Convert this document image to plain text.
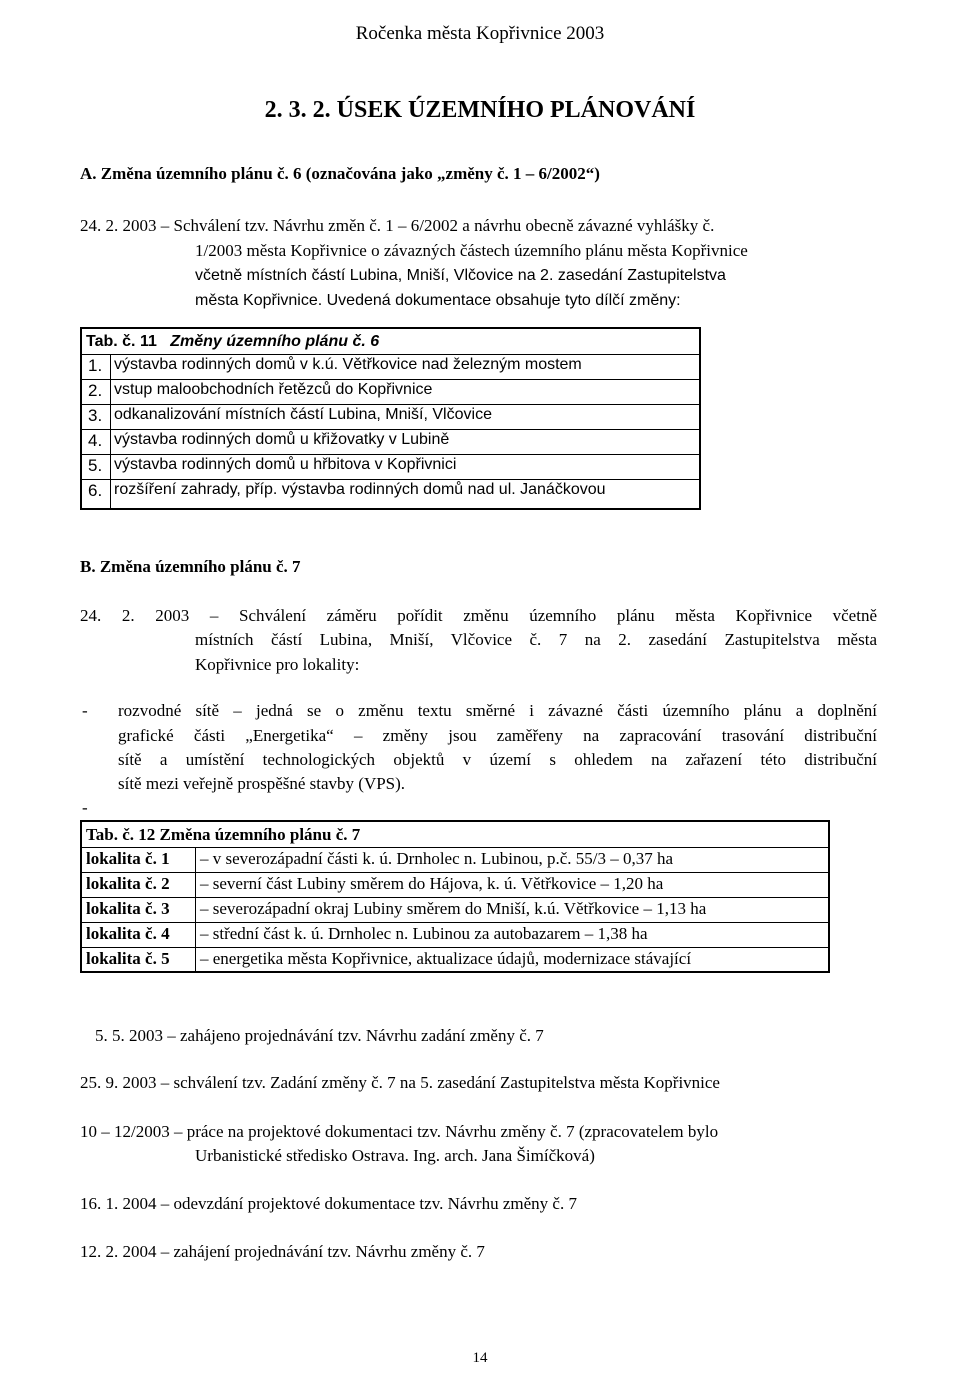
Ročenka města Kopřivnice 2003
2. 3. 2. ÚSEK ÚZEMNÍHO PLÁNOVÁNÍ
A. Změna územního plánu č. 6 (označována jako „změny č. 1 – 6/2002“)
24. 2. 2003 – Schválení tzv. Návrhu změn č. 1 – 6/2002 a návrhu obecně závazné vyhlášky č.
1/2003 města Kopřivnice o závazných částech územního plánu města Kopřivnice
včetně místních částí Lubina, Mniší, Vlčovice na 2. zasedání Zastupitelstva
města Kopřivnice. Uvedená dokumentace obsahuje tyto dílčí změny:
Tab. č. 11 Změny územního plánu č. 6
1. výstavba rodinných domů v k.ú. Větřkovice nad železným mostem
2. vstup maloobchodních řetězců do Kopřivnice
3. odkanalizování místních částí Lubina, Mniší, Vlčovice
4. výstavba rodinných domů u křižovatky v Lubině
5. výstavba rodinných domů u hřbitova v Kopřivnici
6. rozšíření zahrady, příp. výstavba rodinných domů nad ul. Janáčkovou
B. Změna územního plánu č. 7
24. 2. 2003 – Schválení záměru pořídit změnu územního plánu města Kopřivnice včetně
místních částí Lubina, Mniší, Vlčovice č. 7 na 2. zasedání Zastupitelstva města
Kopřivnice pro lokality:
- rozvodné sítě – jedná se o změnu textu směrné i závazné části územního plánu a doplnění
grafické části „Energetika“ – změny jsou zaměřeny na zapracování trasování distribuční
sítě a umístění technologických objektů v území s ohledem na zařazení této distribuční
sítě mezi veřejně prospěšné stavby (VPS).
-
Tab. č. 12 Změna územního plánu č. 7
lokalita č. 1 – v severozápadní části k. ú. Drnholec n. Lubinou, p.č. 55/3 – 0,37 ha
lokalita č. 2 – severní část Lubiny směrem do Hájova, k. ú. Větřkovice – 1,20 ha
lokalita č. 3 – severozápadní okraj Lubiny směrem do Mniší, k.ú. Větřkovice – 1,13 ha
lokalita č. 4 – střední část k. ú. Drnholec n. Lubinou za autobazarem – 1,38 ha
lokalita č. 5 – energetika města Kopřivnice, aktualizace údajů, modernizace stávající
5. 5. 2003 – zahájeno projednávání tzv. Návrhu zadání změny č. 7
25. 9. 2003 – schválení tzv. Zadání změny č. 7 na 5. zasedání Zastupitelstva města Kopřivnice
10 – 12/2003 – práce na projektové dokumentaci tzv. Návrhu změny č. 7 (zpracovatelem bylo
Urbanistické středisko Ostrava. Ing. arch. Jana Šimíčková)
16. 1. 2004 – odevzdání projektové dokumentace tzv. Návrhu změny č. 7
12. 2. 2004 – zahájení projednávání tzv. Návrhu změny č. 7
14
